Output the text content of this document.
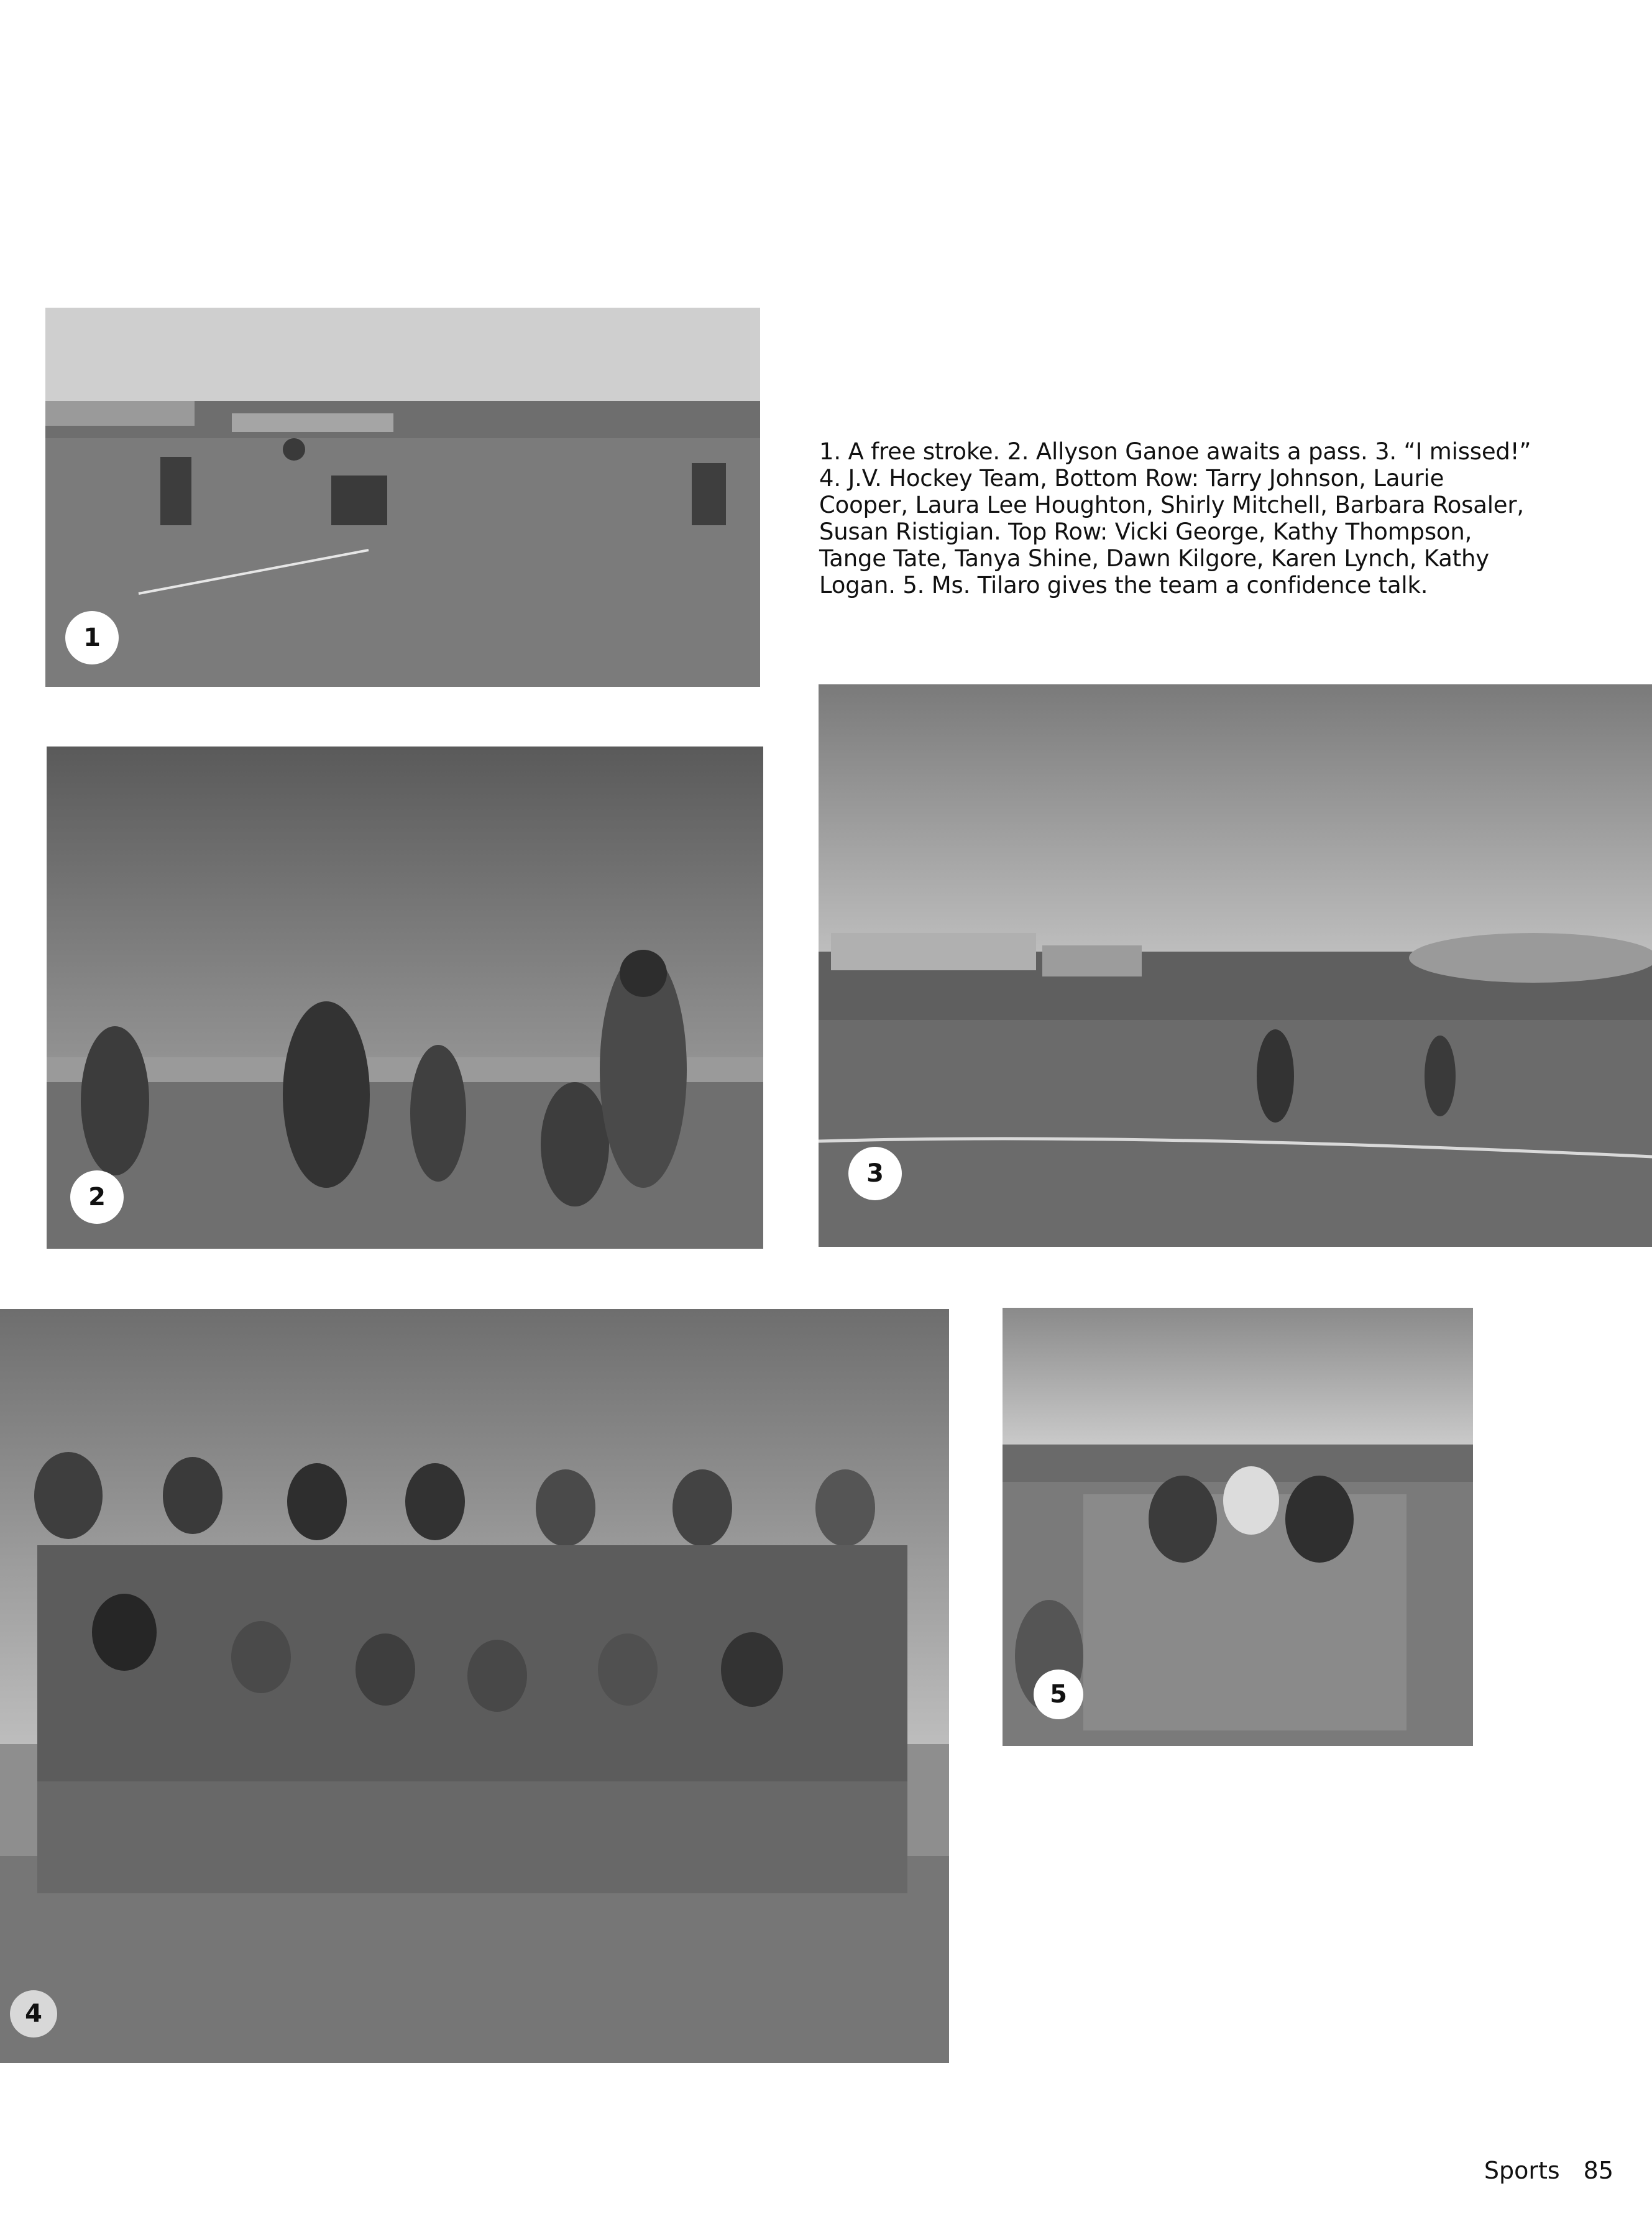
1
1. A free stroke. 2. Allyson Ganoe awaits a pass. 3. “I missed!”
4. J.V. Hockey Team, Bottom Row: Tarry Johnson, Laurie
Cooper, Laura Lee Houghton, Shirly Mitchell, Barbara Rosaler,
Susan Ristigian. Top Row: Vicki George, Kathy Thompson,
Tange Tate, Tanya Shine, Dawn Kilgore, Karen Lynch, Kathy
Logan. 5. Ms. Tilaro gives the team a confidence talk.
2
3
4
5
Sports 85
